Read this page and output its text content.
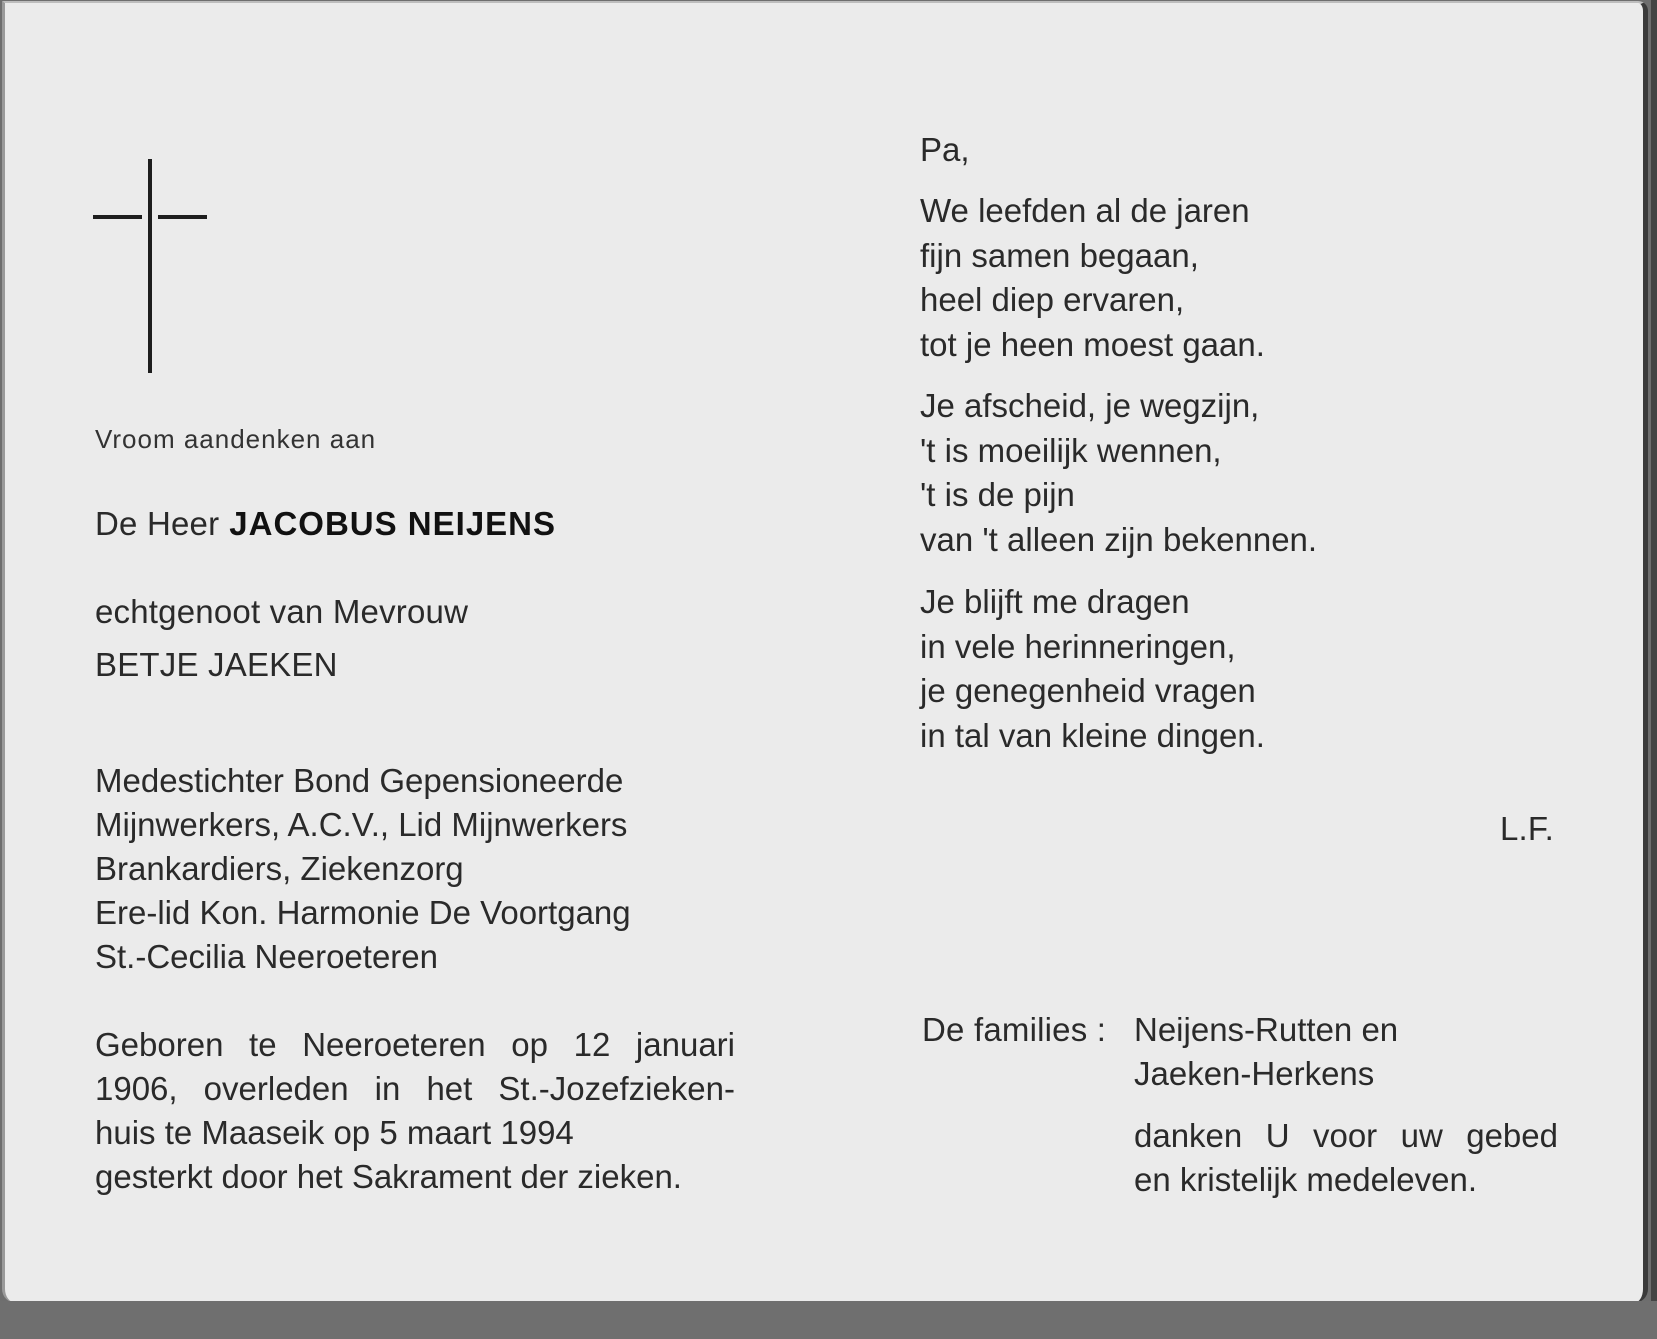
Vroom aandenken aan
De Heer JACOBUS NEIJENS
echtgenoot van Mevrouw
BETJE JAEKEN
Medestichter Bond Gepensioneerde
Mijnwerkers, A.C.V., Lid Mijnwerkers
Brankardiers, Ziekenzorg
Ere-lid Kon. Harmonie De Voortgang
St.-Cecilia Neeroeteren
Geboren te Neeroeteren op 12 januari
1906, overleden in het St.-Jozefzieken-
huis te Maaseik op 5 maart 1994
gesterkt door het Sakrament der zieken.
Pa,
We leefden al de jaren
fijn samen begaan,
heel diep ervaren,
tot je heen moest gaan.
Je afscheid, je wegzijn,
't is moeilijk wennen,
't is de pijn
van 't alleen zijn bekennen.
Je blijft me dragen
in vele herinneringen,
je genegenheid vragen
in tal van kleine dingen.
L.F.
De families : Neijens-Rutten en
Jaeken-Herkens
danken U voor uw gebed
en kristelijk medeleven.
